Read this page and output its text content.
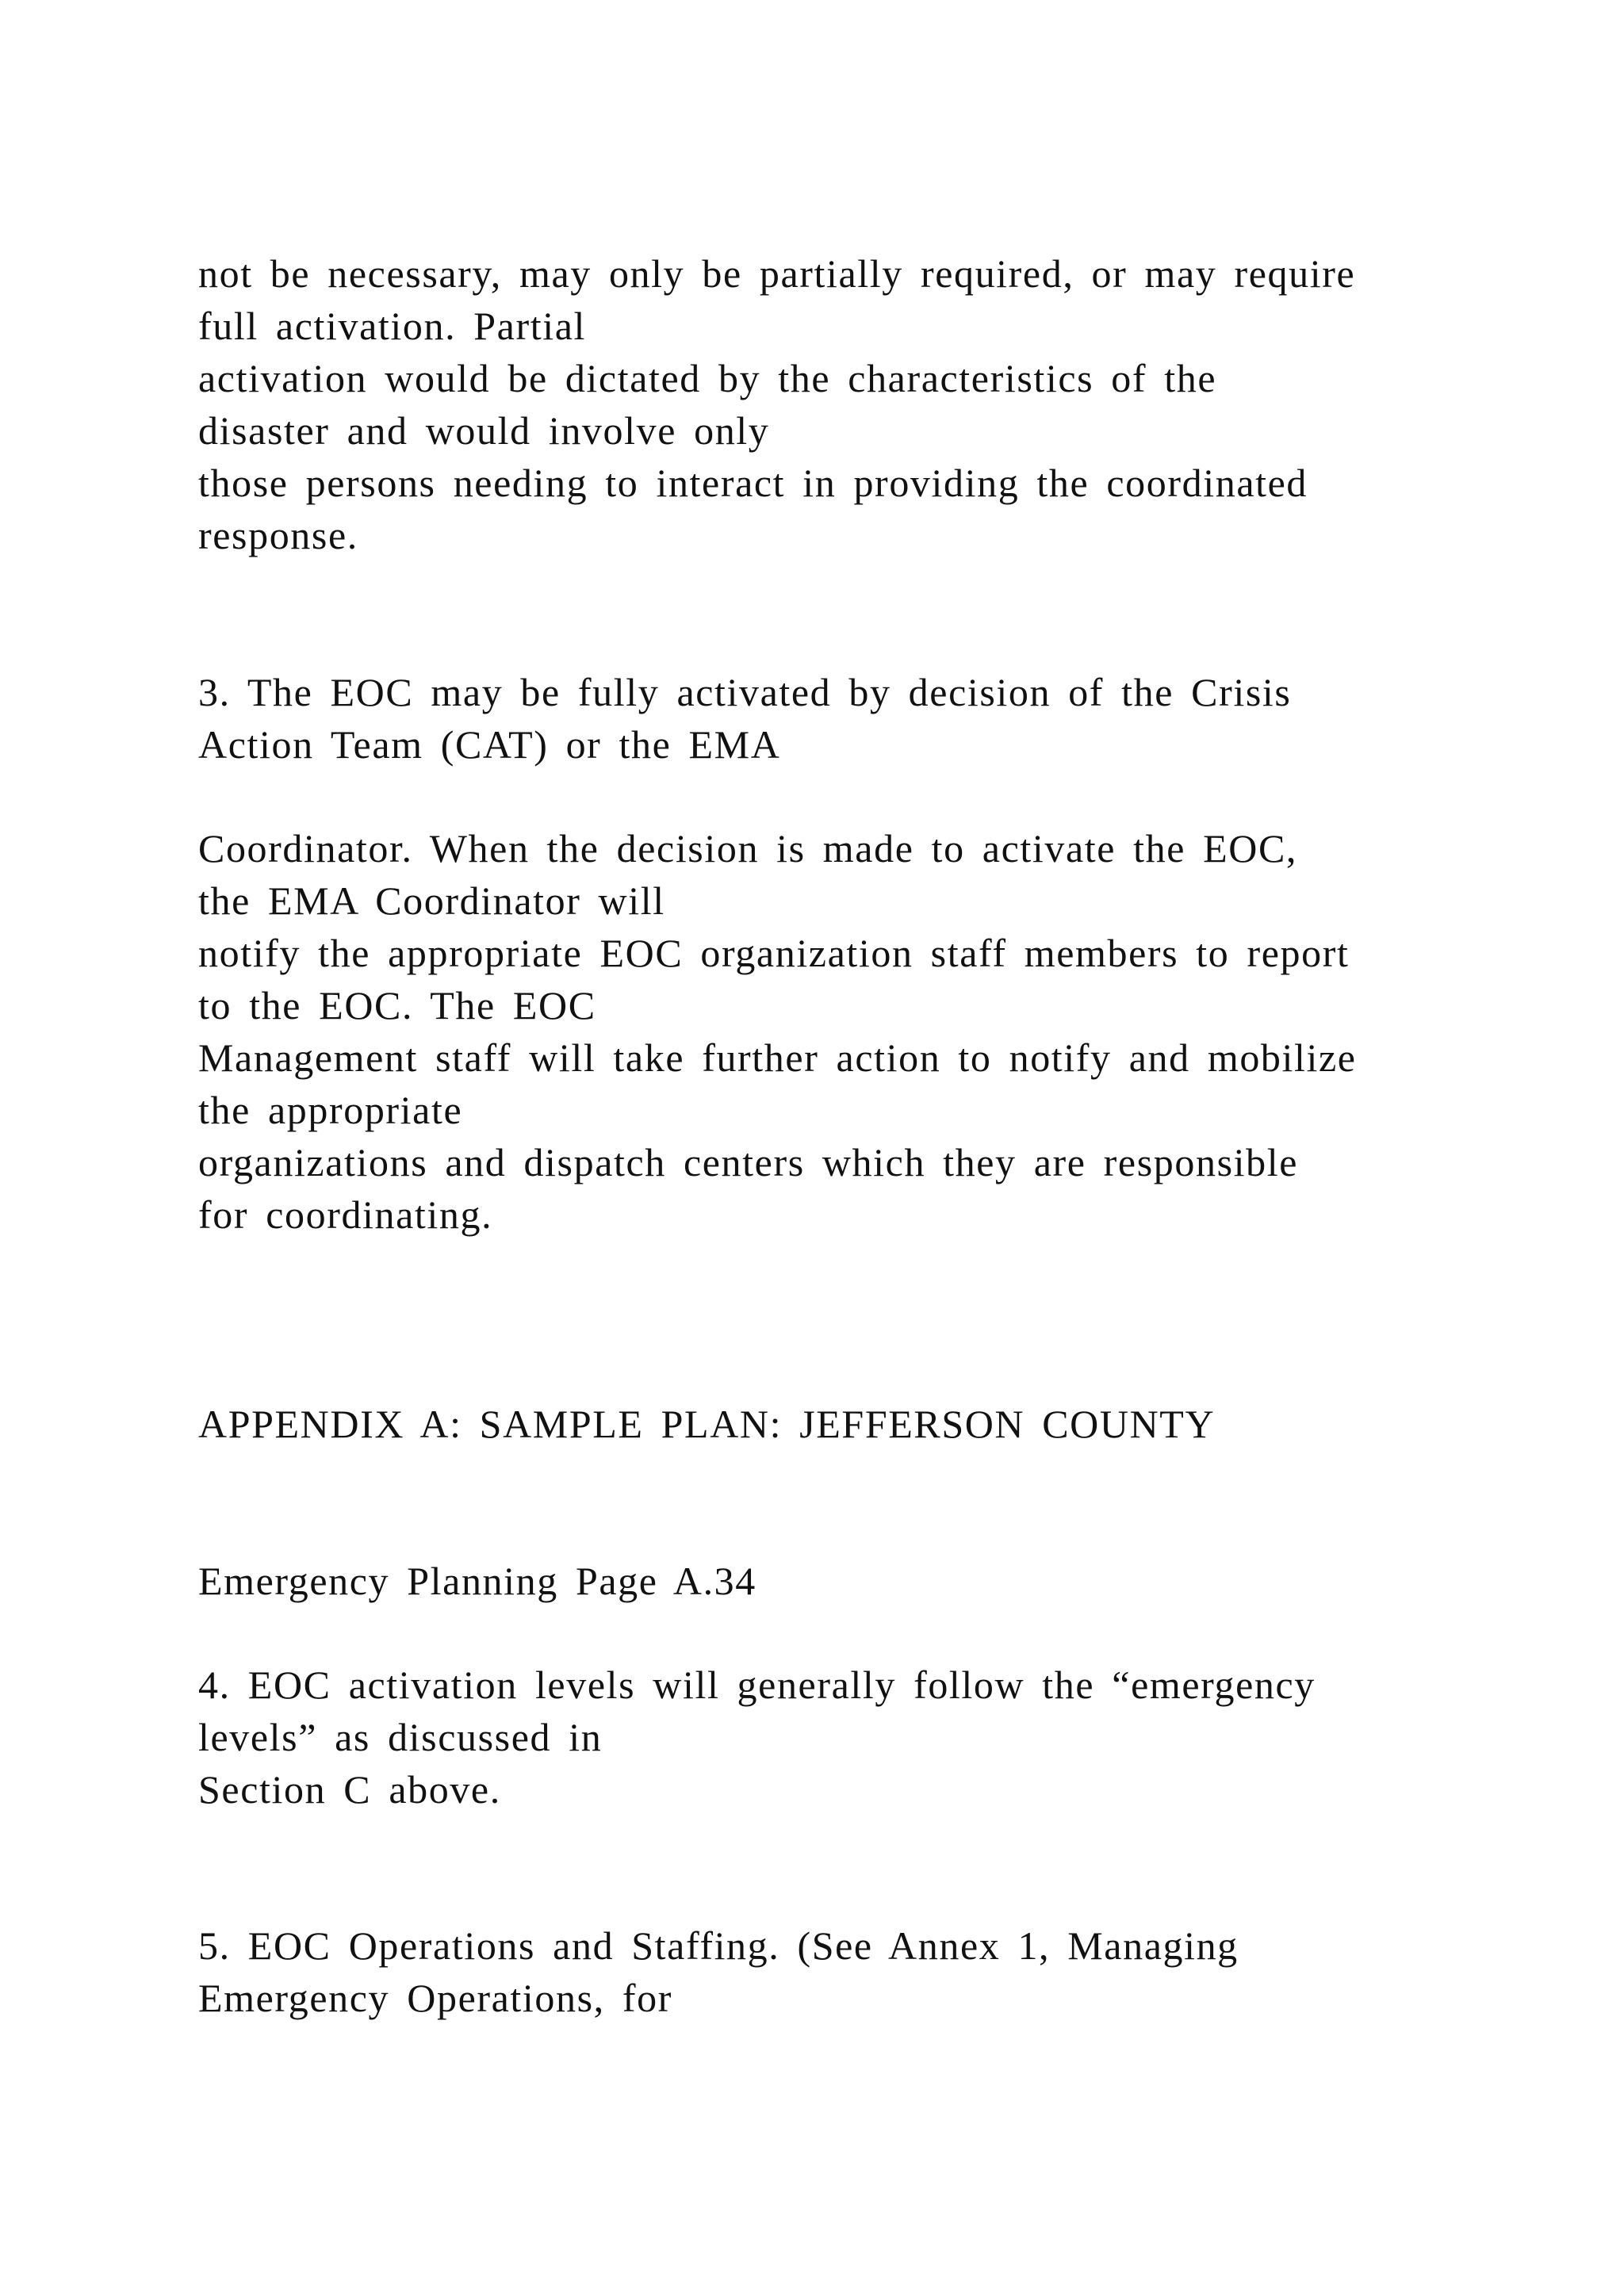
not be necessary, may only be partially required, or may require

full activation. Partial

activation would be dictated by the characteristics of the

disaster and would involve only

those persons needing to interact in providing the coordinated

response.

3. The EOC may be fully activated by decision of the Crisis

Action Team (CAT) or the EMA

Coordinator. When the decision is made to activate the EOC,

the EMA Coordinator will

notify the appropriate EOC organization staff members to report

to the EOC. The EOC

Management staff will take further action to notify and mobilize

the appropriate

organizations and dispatch centers which they are responsible

for coordinating.

APPENDIX A: SAMPLE PLAN: JEFFERSON COUNTY

Emergency Planning Page A.34

4. EOC activation levels will generally follow the “emergency

levels” as discussed in

Section C above.

5. EOC Operations and Staffing. (See Annex 1, Managing

Emergency Operations, for
